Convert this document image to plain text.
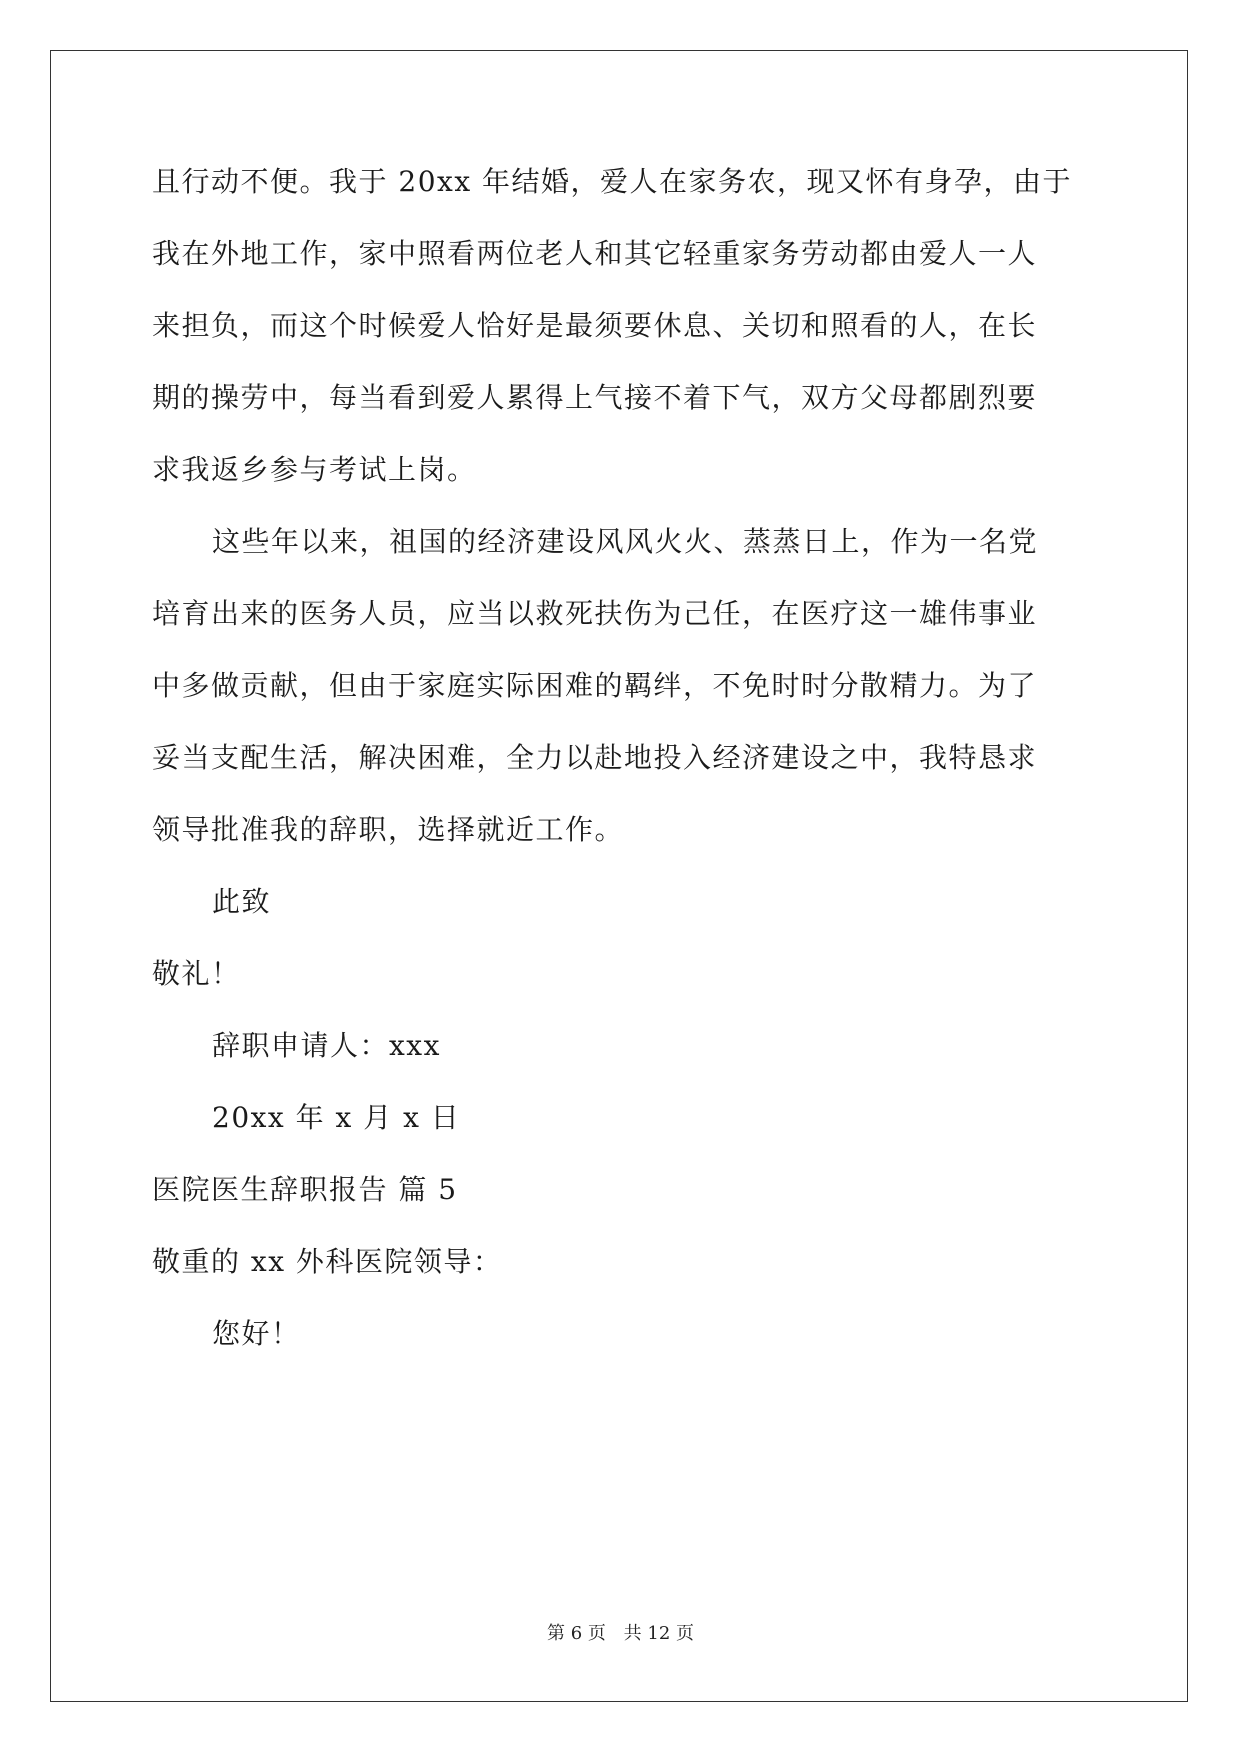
且行动不便。我于 20xx 年结婚，爱人在家务农，现又怀有身孕，由于
我在外地工作，家中照看两位老人和其它轻重家务劳动都由爱人一人
来担负，而这个时候爱人恰好是最须要休息、关切和照看的人，在长
期的操劳中，每当看到爱人累得上气接不着下气，双方父母都剧烈要
求我返乡参与考试上岗。
这些年以来，祖国的经济建设风风火火、蒸蒸日上，作为一名党
培育出来的医务人员，应当以救死扶伤为己任，在医疗这一雄伟事业
中多做贡献，但由于家庭实际困难的羁绊，不免时时分散精力。为了
妥当支配生活，解决困难，全力以赴地投入经济建设之中，我特恳求
领导批准我的辞职，选择就近工作。
此致
敬礼！
辞职申请人：xxx
20xx 年 x 月 x 日
医院医生辞职报告 篇 5
敬重的 xx 外科医院领导：
您好！
第 6 页 共 12 页
